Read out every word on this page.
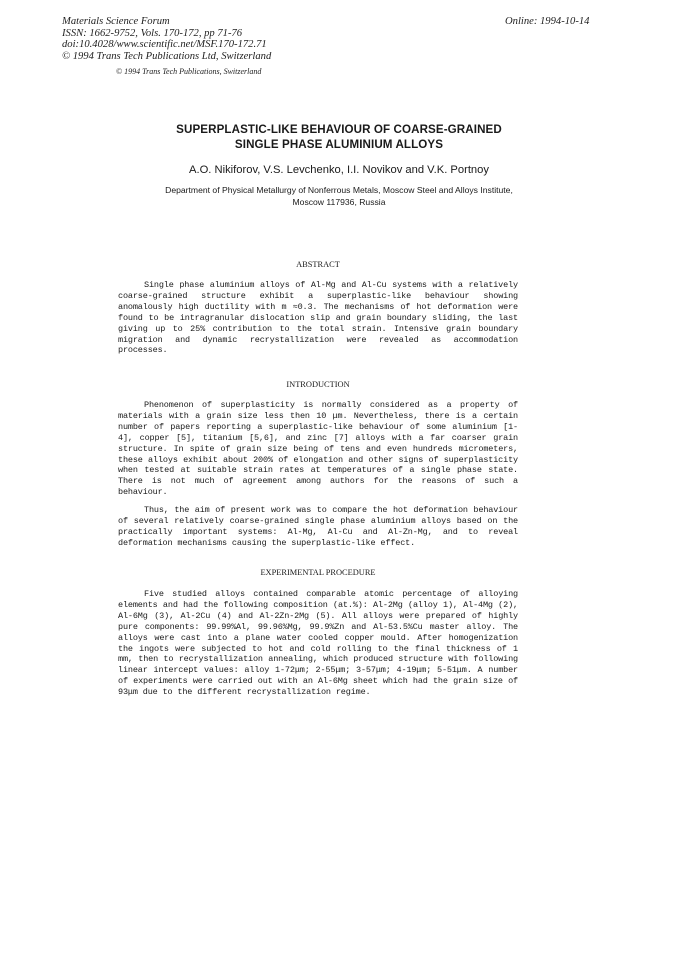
Materials Science Forum
ISSN: 1662-9752, Vols. 170-172, pp 71-76
doi:10.4028/www.scientific.net/MSF.170-172.71
© 1994 Trans Tech Publications Ltd, Switzerland
Online: 1994-10-14
© 1994 Trans Tech Publications, Switzerland
SUPERPLASTIC-LIKE BEHAVIOUR OF COARSE-GRAINED
SINGLE PHASE ALUMINIUM ALLOYS
A.O. Nikiforov, V.S. Levchenko, I.I. Novikov and V.K. Portnoy
Department of Physical Metallurgy of Nonferrous Metals, Moscow Steel and Alloys Institute,
Moscow 117936, Russia
ABSTRACT

Single phase aluminium alloys of Al-Mg and Al-Cu systems with a relatively coarse-grained structure exhibit a superplastic-like behaviour showing anomalously high ductility with m ≈0.3. The mechanisms of hot deformation were found to be intragranular dislocation slip and grain boundary sliding, the last giving up to 25% contribution to the total strain. Intensive grain boundary migration and dynamic recrystallization were revealed as accommodation processes.

INTRODUCTION

Phenomenon of superplasticity is normally considered as a property of materials with a grain size less then 10 μm. Nevertheless, there is a certain number of papers reporting a superplastic-like behaviour of some aluminium [1-4], copper [5], titanium [5,6], and zinc [7] alloys with a far coarser grain structure. In spite of grain size being of tens and even hundreds micrometers, these alloys exhibit about 200% of elongation and other signs of superplasticity when tested at suitable strain rates at temperatures of a single phase state. There is not much of agreement among authors for the reasons of such a behaviour.

Thus, the aim of present work was to compare the hot deformation behaviour of several relatively coarse-grained single phase aluminium alloys based on the practically important systems: Al-Mg, Al-Cu and Al-Zn-Mg, and to reveal deformation mechanisms causing the superplastic-like effect.

EXPERIMENTAL PROCEDURE

Five studied alloys contained comparable atomic percentage of alloying elements and had the following composition (at.%): Al-2Mg (alloy 1), Al-4Mg (2), Al-6Mg (3), Al-2Cu (4) and Al-2Zn-2Mg (5). All alloys were prepared of highly pure components: 99.99%Al, 99.96%Mg, 99.9%Zn and Al-53.5%Cu master alloy. The alloys were cast into a plane water cooled copper mould. After homogenization the ingots were subjected to hot and cold rolling to the final thickness of 1 mm, then to recrystallization annealing, which produced structure with following linear intercept values: alloy 1-72μm; 2-55μm; 3-57μm; 4-19μm; 5-51μm. A number of experiments were carried out with an Al-6Mg sheet which had the grain size of 93μm due to the different recrystallization regime.
